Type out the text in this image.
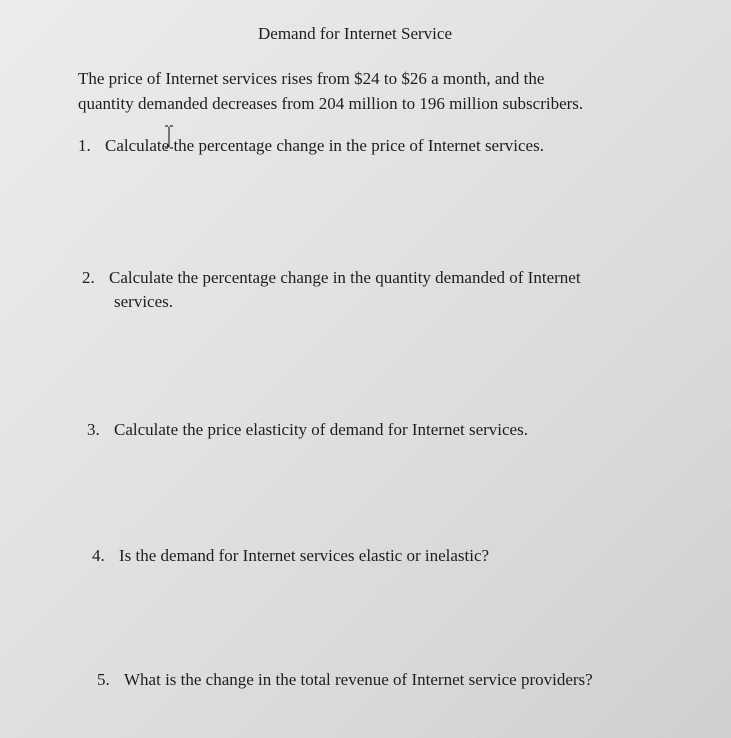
Demand for Internet Service
The price of Internet services rises from $24 to $26 a month, and the
quantity demanded decreases from 204 million to 196 million subscribers.
1. Calculate the percentage change in the price of Internet services.
2. Calculate the percentage change in the quantity demanded of Internet
services.
3. Calculate the price elasticity of demand for Internet services.
4. Is the demand for Internet services elastic or inelastic?
5. What is the change in the total revenue of Internet service providers?
